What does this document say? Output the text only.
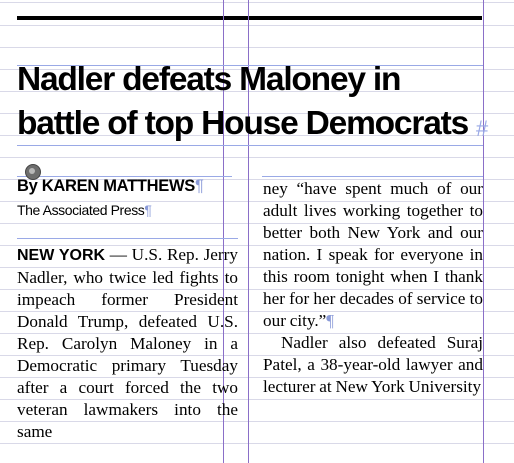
Nadler defeats Maloney in
battle of top House Democrats #

By KAREN MATTHEWS¶

The Associated Press¶

NEW YORK — U.S. Rep. Jerry Nadler, who twice led fights to impeach former President Donald Trump, defeated U.S. Rep. Carolyn Maloney in a Democratic primary Tuesday after a court forced the two veteran lawmakers into the same

ney “have spent much of our adult lives working together to better both New York and our nation. I speak for everyone in this room tonight when I thank her for her decades of service to our city.”¶

Nadler also defeated Suraj Patel, a 38-year-old lawyer and lecturer at New York University
